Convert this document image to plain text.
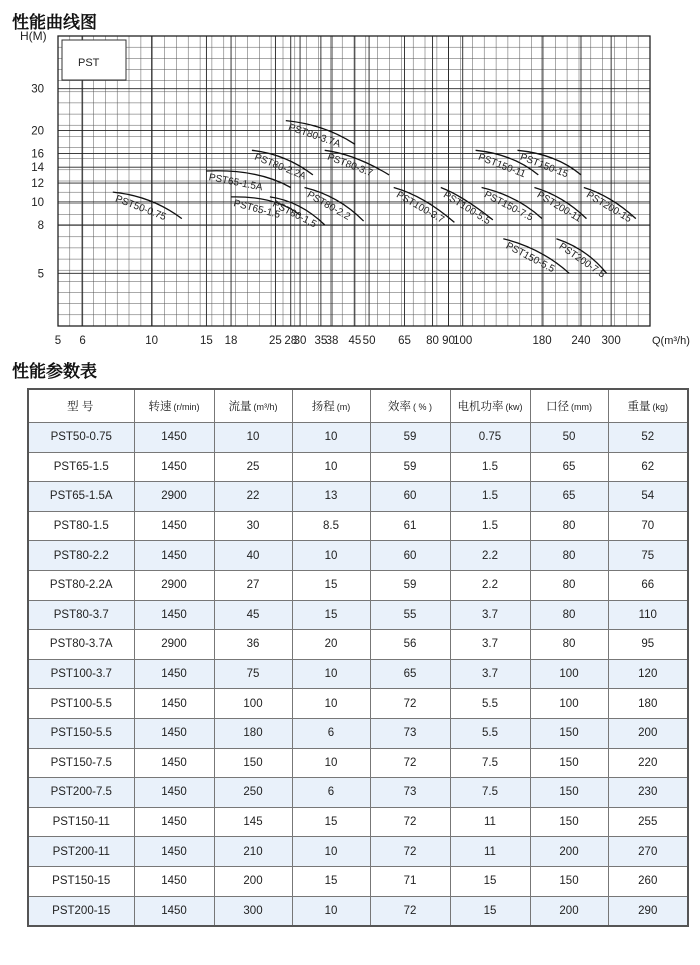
性能曲线图
PST
H(M)
Q(m³/h)
5 6	10	15 18	25 28
30 35
38 45 50 65 80 90
100	180 240 300
5
8
10
12
14
16
20
30
PST50-0.75	PST65-1.5
PST65-1.5A
PST80-1.5
PST80-2.2
PST80-2.2A PST80-3.7
PST80-3.7A
PST100-3.7
PST100-5.5
PST150-5.5
PST150-7.5
PST200-7.5
PST150-11
PST200-11
PST150-15
PST200-15
性能参数表
型 号	转速 (r/min)	流量 (m³/h)	扬程 (m)	效率 ( % )	电机功率 (kw)	口径 (mm)	重量 (kg)
PST50-0.75	1450	10	10	59	0.75	50	52
PST65-1.5	1450	25	10	59	1.5	65	62
PST65-1.5A	2900	22	13	60	1.5	65	54
PST80-1.5	1450	30	8.5	61	1.5	80	70
PST80-2.2	1450	40	10	60	2.2	80	75
PST80-2.2A	2900	27	15	59	2.2	80	66
PST80-3.7	1450	45	15	55	3.7	80	110
PST80-3.7A	2900	36	20	56	3.7	80	95
PST100-3.7	1450	75	10	65	3.7	100	120
PST100-5.5	1450	100	10	72	5.5	100	180
PST150-5.5	1450	180	6	73	5.5	150	200
PST150-7.5	1450	150	10	72	7.5	150	220
PST200-7.5	1450	250	6	73	7.5	150	230
PST150-11	1450	145	15	72	11	150	255
PST200-11	1450	210	10	72	11	200	270
PST150-15	1450	200	15	71	15	150	260
PST200-15	1450	300	10	72	15	200	290
